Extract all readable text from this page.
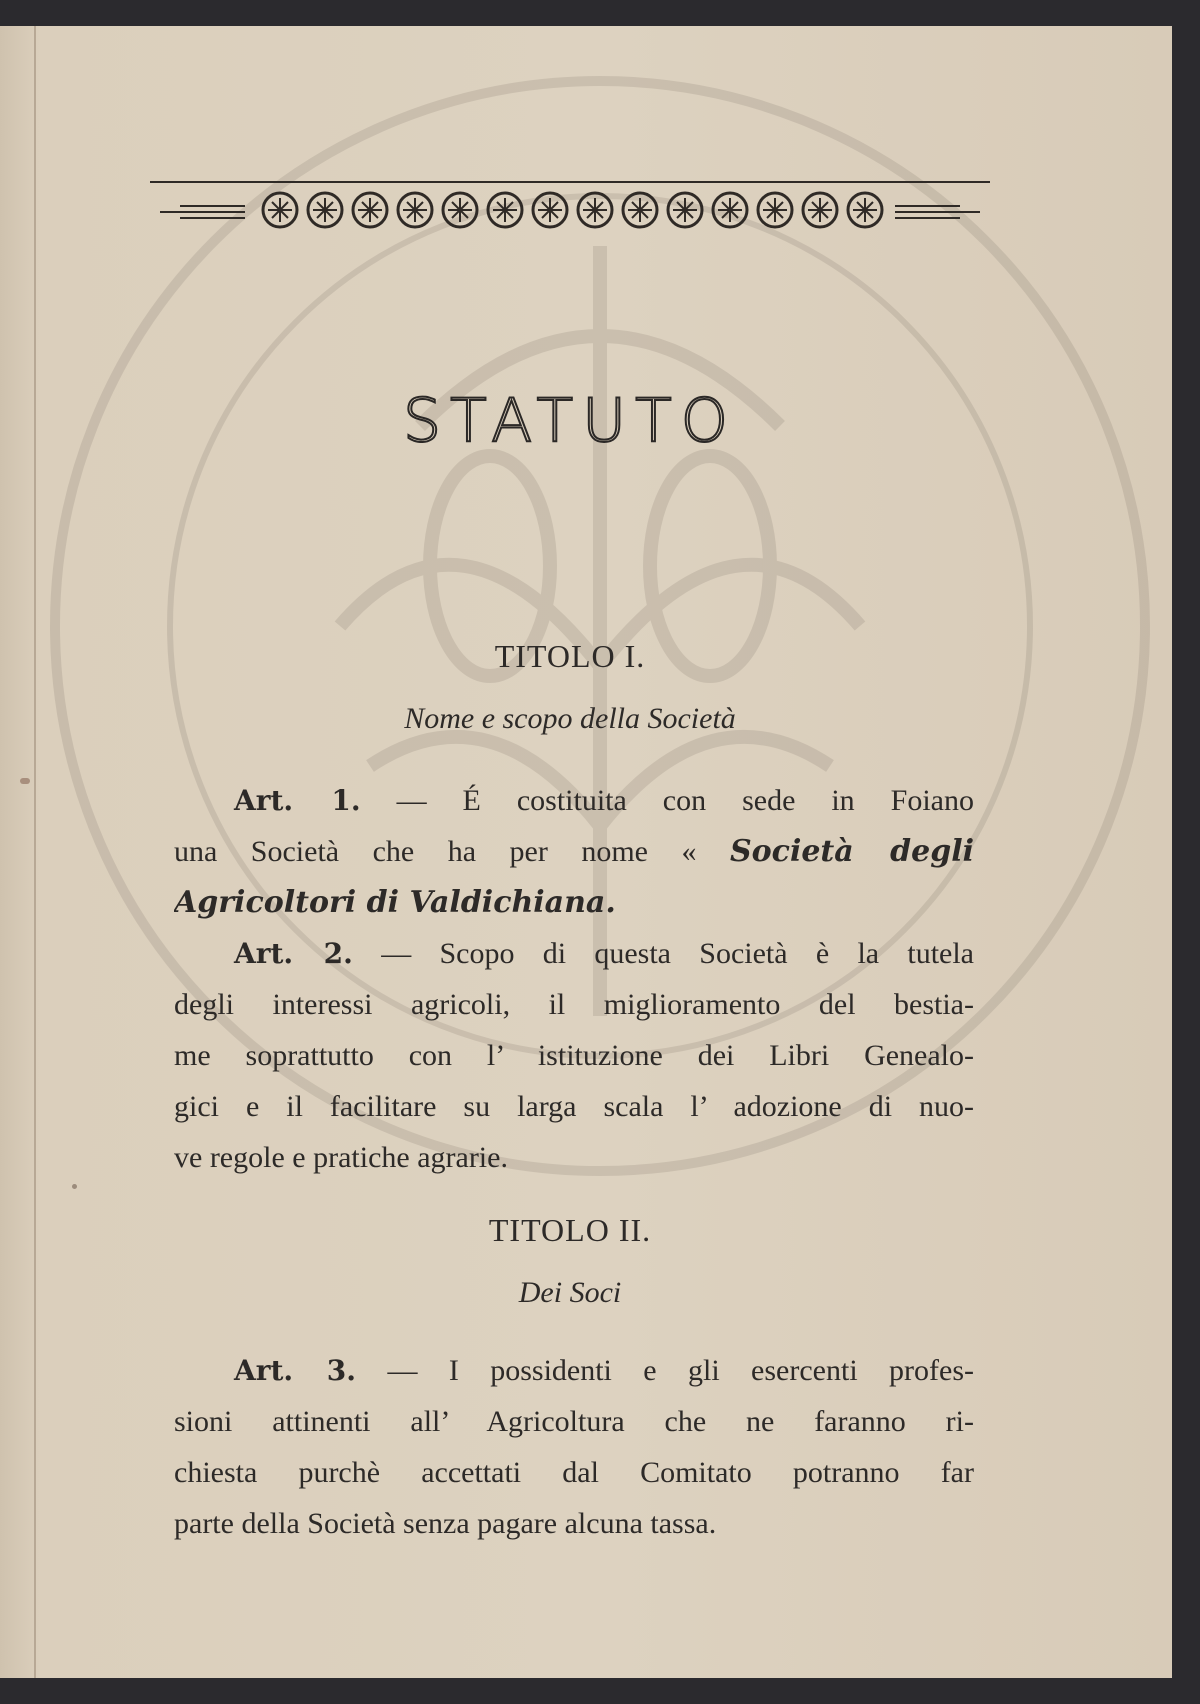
STATUTO
TITOLO I.
Nome e scopo della Società
Art. 1. — É costituita con sede in Foiano
una Società che ha per nome « Società degli
Agricoltori di Valdichiana.
Art. 2. — Scopo di questa Società è la tutela
degli interessi agricoli, il miglioramento del bestia-
me soprattutto con l’ istituzione dei Libri Genealo-
gici e il facilitare su larga scala l’ adozione di nuo-
ve regole e pratiche agrarie.
TITOLO II.
Dei Soci
Art. 3. — I possidenti e gli esercenti profes-
sioni attinenti all’ Agricoltura che ne faranno ri-
chiesta purchè accettati dal Comitato potranno far
parte della Società senza pagare alcuna tassa.
